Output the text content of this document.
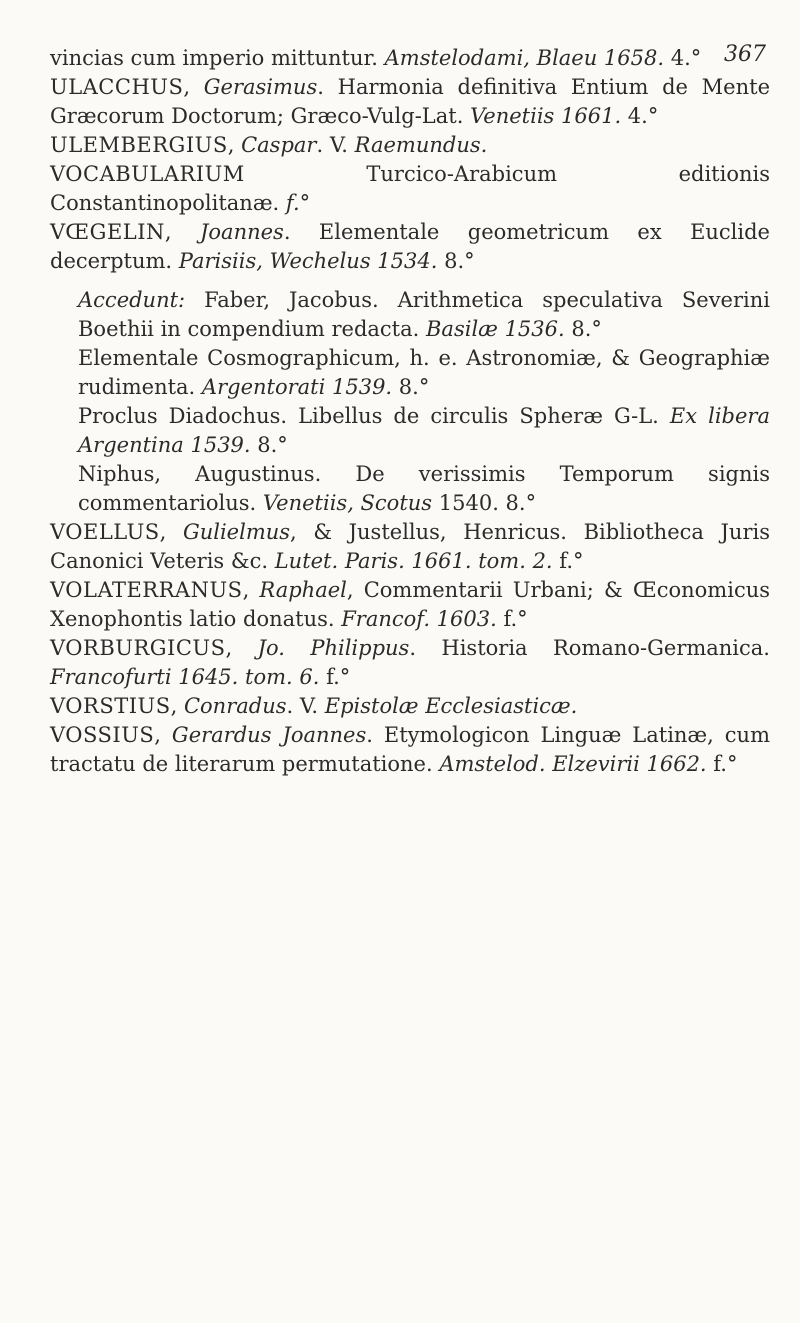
367

vincias cum imperio mittuntur. Amstelodami, Blaeu 1658. 4.°

ULACCHUS, Gerasimus. Harmonia definitiva Entium de Mente Græcorum Doctorum; Græco-Vulg-Lat. Venetiis 1661. 4.°

ULEMBERGIUS, Caspar. V. Raemundus.

VOCABULARIUM	Turcico-Arabicum editionis Constantinopolitanæ. f.°

VŒGELIN, Joannes. Elementale geometricum ex Euclide decerptum. Parisiis, Wechelus 1534. 8.°

Accedunt: Faber, Jacobus. Arithmetica speculativa Severini Boethii in compendium redacta. Basilæ 1536. 8.°

Elementale Cosmographicum, h. e. Astronomiæ, & Geographiæ rudimenta. Argentorati 1539. 8.°

Proclus Diadochus. Libellus de circulis Spheræ G-L. Ex libera Argentina 1539. 8.°

Niphus, Augustinus. De verissimis Temporum signis commentariolus. Venetiis, Scotus 1540. 8.°

VOELLUS, Gulielmus, & Justellus, Henricus. Bibliotheca Juris Canonici Veteris &c. Lutet. Paris. 1661. tom. 2. f.°

VOLATERRANUS, Raphael, Commentarii Urbani; & Œconomicus Xenophontis latio donatus. Francof. 1603. f.°

VORBURGICUS, Jo. Philippus. Historia Romano-Germanica. Francofurti 1645. tom. 6. f.°

VORSTIUS, Conradus. V. Epistolæ Ecclesiasticæ.

VOSSIUS, Gerardus Joannes. Etymologicon Linguæ Latinæ, cum tractatu de literarum permutatione. Amstelod. Elzevirii 1662. f.°
